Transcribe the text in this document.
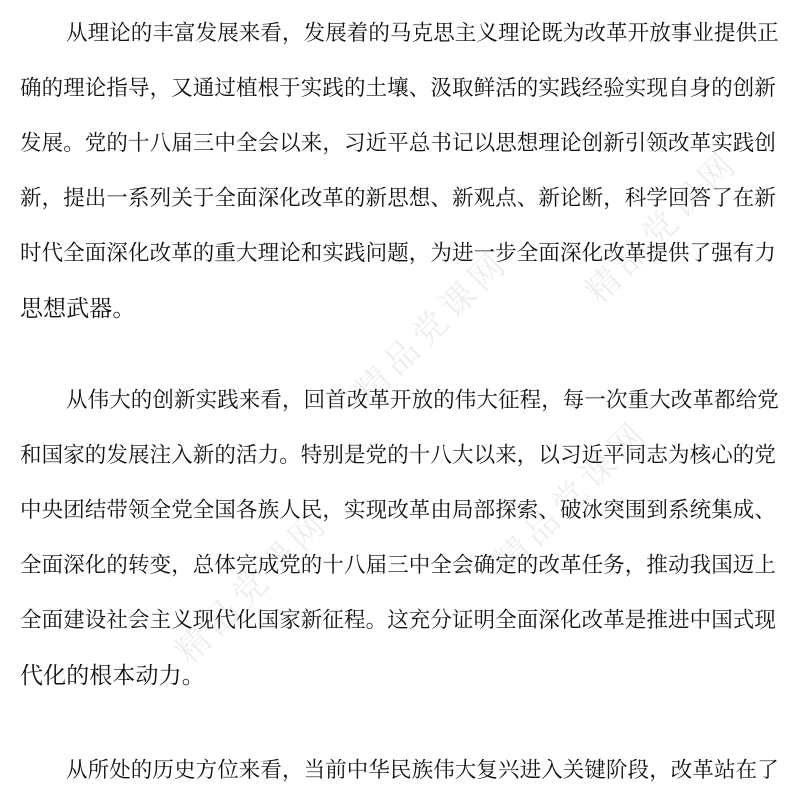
精品党课网
精品党课网
精品党课网
精品党课网
从理论的丰富发展来看，发展着的马克思主义理论既为改革开放事业提供正
确的理论指导，又通过植根于实践的土壤、汲取鲜活的实践经验实现自身的创新
发展。党的十八届三中全会以来，习近平总书记以思想理论创新引领改革实践创
新，提出一系列关于全面深化改革的新思想、新观点、新论断，科学回答了在新
时代全面深化改革的重大理论和实践问题，为进一步全面深化改革提供了强有力
思想武器。
从伟大的创新实践来看，回首改革开放的伟大征程，每一次重大改革都给党
和国家的发展注入新的活力。特别是党的十八大以来，以习近平同志为核心的党
中央团结带领全党全国各族人民，实现改革由局部探索、破冰突围到系统集成、
全面深化的转变，总体完成党的十八届三中全会确定的改革任务，推动我国迈上
全面建设社会主义现代化国家新征程。这充分证明全面深化改革是推进中国式现
代化的根本动力。
从所处的历史方位来看，当前中华民族伟大复兴进入关键阶段，改革站在了
